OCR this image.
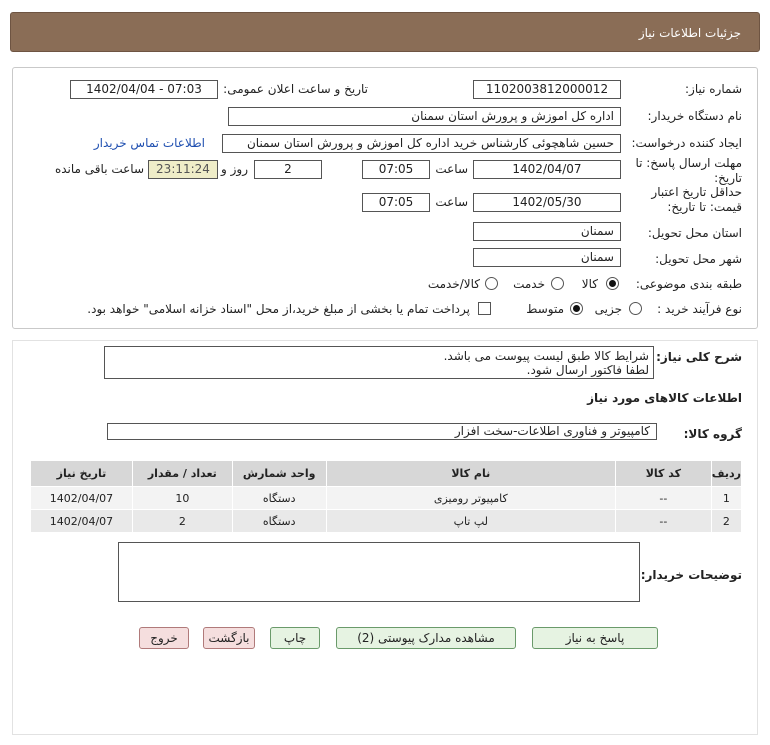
جزئیات اطلاعات نیاز
شماره نیاز:
1102003812000012
تاریخ و ساعت اعلان عمومی:
1402/04/04 - 07:03
نام دستگاه خریدار:
اداره کل اموزش و پرورش استان سمنان
ایجاد کننده درخواست:
حسین شاهچوئی کارشناس خرید اداره کل اموزش و پرورش استان سمنان
اطلاعات تماس خریدار
مهلت ارسال پاسخ: تا تاریخ:
1402/04/07
ساعت
07:05
2
روز و
23:11:24
ساعت باقی مانده
حداقل تاریخ اعتبار قیمت: تا تاریخ:
1402/05/30
ساعت
07:05
استان محل تحویل:
سمنان
شهر محل تحویل:
سمنان
طبقه بندی موضوعی:
کالا
خدمت
کالا/خدمت
نوع فرآیند خرید :
جزیی
متوسط
پرداخت تمام یا بخشی از مبلغ خرید،از محل "اسناد خزانه اسلامی" خواهد بود.
شرح کلی نیاز:
شرایط کالا طبق لیست پیوست می باشد.
لطفا فاکتور ارسال شود.
اطلاعات کالاهای مورد نیاز
گروه کالا:
کامپیوتر و فناوری اطلاعات-سخت افزار
ردیف	کد کالا	نام کالا	واحد شمارش	تعداد / مقدار	تاریخ نیاز
1	--	کامپیوتر رومیزی	دستگاه	10	1402/04/07
2	--	لپ تاپ	دستگاه	2	1402/04/07
توضیحات خریدار:
پاسخ به نیاز
مشاهده مدارک پیوستی (2)
چاپ
بازگشت
خروج
